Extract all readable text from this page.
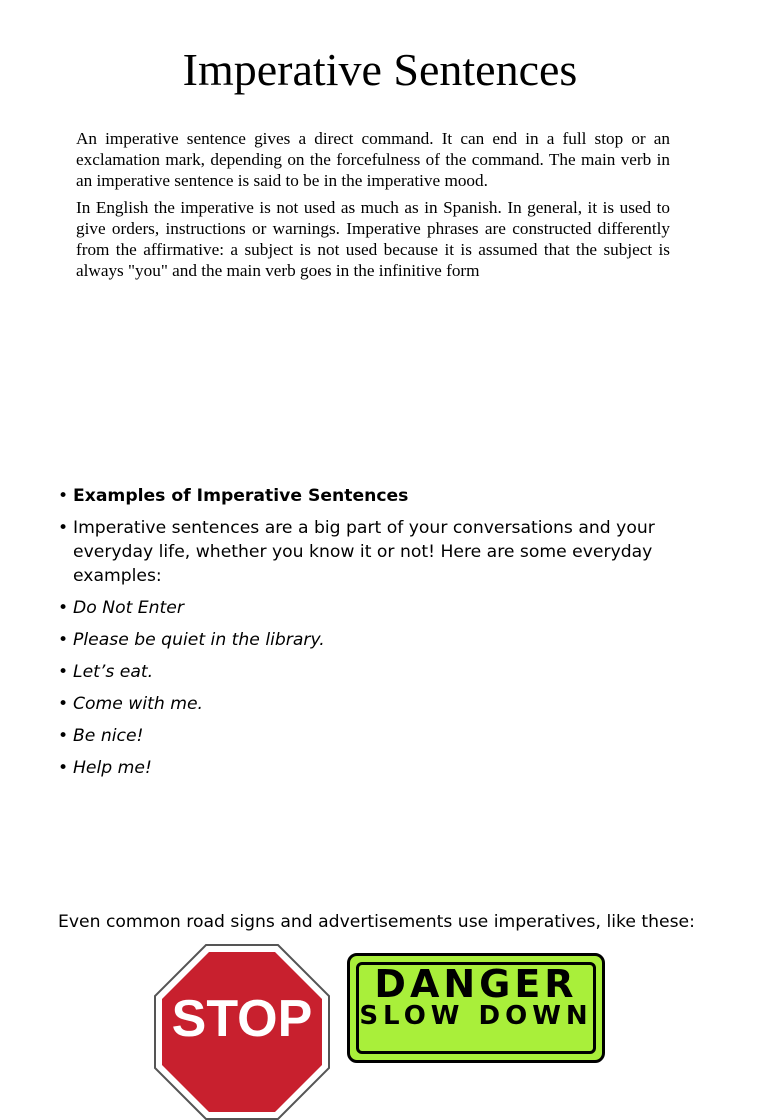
Imperative Sentences

An imperative sentence gives a direct command. It can end in a full stop or an exclamation mark, depending on the forcefulness of the command. The main verb in an imperative sentence is said to be in the imperative mood.

In English the imperative is not used as much as in Spanish. In general, it is used to give orders, instructions or warnings. Imperative phrases are constructed differently from the affirmative: a subject is not used because it is assumed that the subject is always "you" and the main verb goes in the infinitive form

• Examples of Imperative Sentences
• Imperative sentences are a big part of your conversations and your everyday life, whether you know it or not! Here are some everyday examples:
• Do Not Enter
• Please be quiet in the library.
• Let’s eat.
• Come with me.
• Be nice!
• Help me!

Even common road signs and advertisements use imperatives, like these:

STOP
DANGER
SLOW DOWN
